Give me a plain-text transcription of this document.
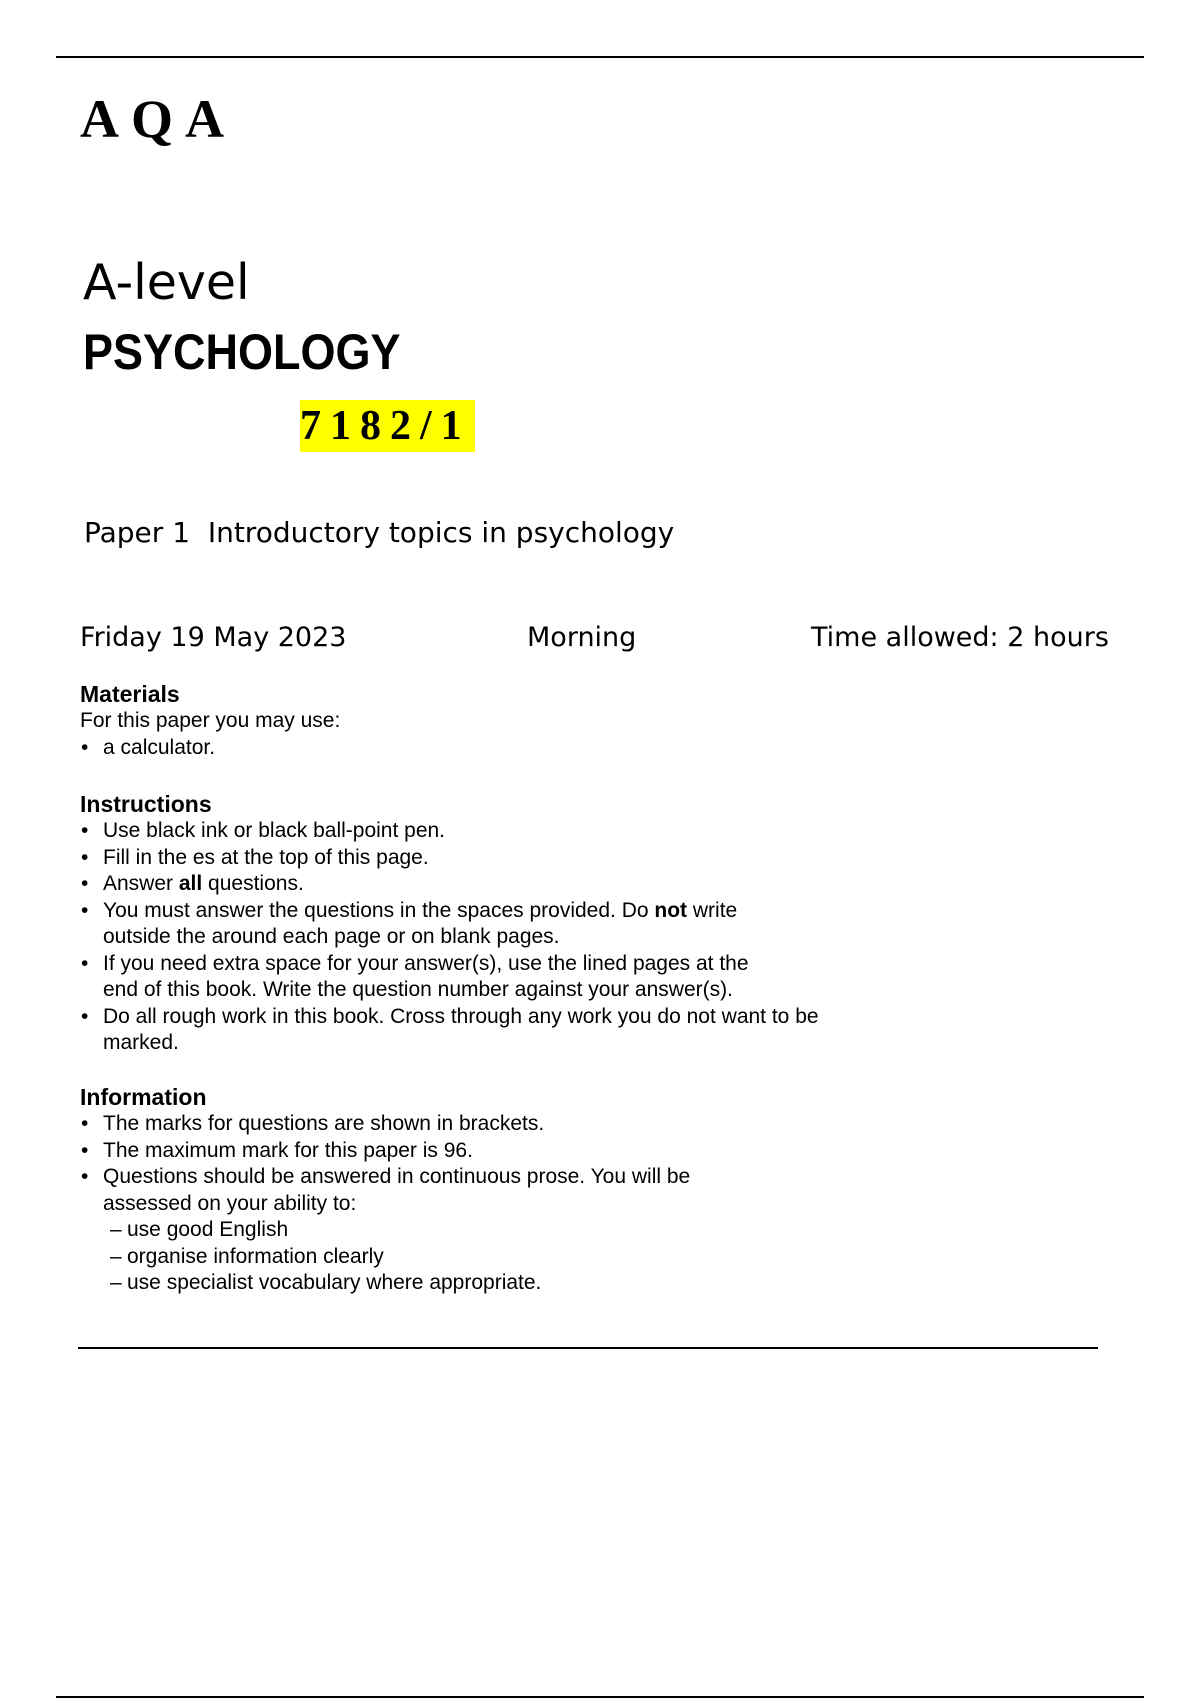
AQA
A-level
PSYCHOLOGY
7182/1
Paper 1  Introductory topics in psychology
Friday 19 May 2023	Morning	Time allowed: 2 hours
Materials

For this paper you may use:

• a calculator.
Instructions
• Use black ink or black ball-point pen.
• Fill in the es at the top of this page.
• Answer all questions.
• You must answer the questions in the spaces provided. Do not write outside the around each page or on blank pages.
• If you need extra space for your answer(s), use the lined pages at the end of this book. Write the question number against your answer(s).
• Do all rough work in this book. Cross through any work you do not want to be marked.
Information
• The marks for questions are shown in brackets.
• The maximum mark for this paper is 96.
• Questions should be answered in continuous prose. You will be assessed on your ability to:
– use good English
– organise information clearly
– use specialist vocabulary where appropriate.
